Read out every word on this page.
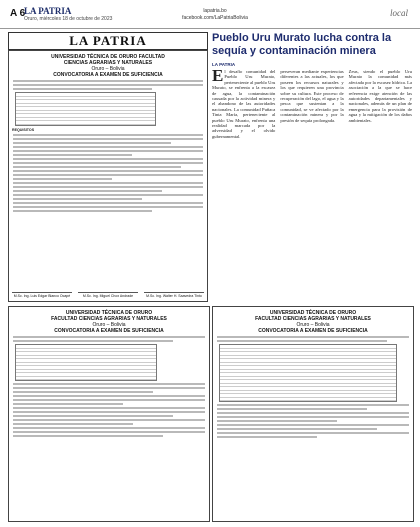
A 6
LA PATRIA
Oruro, miércoles 18 de octubre de 2023
lapatria.bo
facebook.com/LaPatriaBolivia	local
LA PATRIA
UNIVERSIDAD TÉCNICA DE ORURO FACULTAD
CIENCIAS AGRARIAS Y NATURALES
Oruro – Bolivia
CONVOCATORIA A EXAMEN DE SUFICIENCIA
REQUISITOS
M.Sc. Ing. Luis Edgar Blanco Ocapé	M.Sc. Ing. Miguel Chox Andrade	M.Sc. Ing. Walter H. Saavedra Tinto
Pueblo Uru Murato lucha contra la sequía y contaminación minera
LA PATRIA
El desafío comunidad del Pueblo Uru Murato, perteneciente al pueblo Uru Murato, se enfrenta a la escasez de agua, la contaminación causada por la actividad minera y el abandono de las autoridades nacionales. La comunidad Puñaca Tinta María, perteneciente al pueblo Uru Murato, enfrenta una realidad marcada por la adversidad y el olvido gubernamental.
perseveran mediante experiencias diferentes a las actuales, los que poseen los recursos naturales y los que requieren una provincia sobre su cultura. Este proceso de recuperación del lago, el agua y la pesca que sustentan a la comunidad, se ve afectado por la contaminación minera y por la presión de sequía prolongada.
Zeus, siendo el pueblo Uru Murato la comunidad más afectada por la escasez hídrica. La asociación a la que se hace referencia exige atención de las autoridades departamentales y nacionales, además de un plan de emergencia para la provisión de agua y la mitigación de los daños ambientales.
UNIVERSIDAD TÉCNICA DE ORURO
FACULTAD CIENCIAS AGRARIAS Y NATURALES
Oruro – Bolivia
CONVOCATORIA A EXAMEN DE SUFICIENCIA
UNIVERSIDAD TÉCNICA DE ORURO
FACULTAD CIENCIAS AGRARIAS Y NATURALES
Oruro – Bolivia
CONVOCATORIA A EXAMEN DE SUFICIENCIA
